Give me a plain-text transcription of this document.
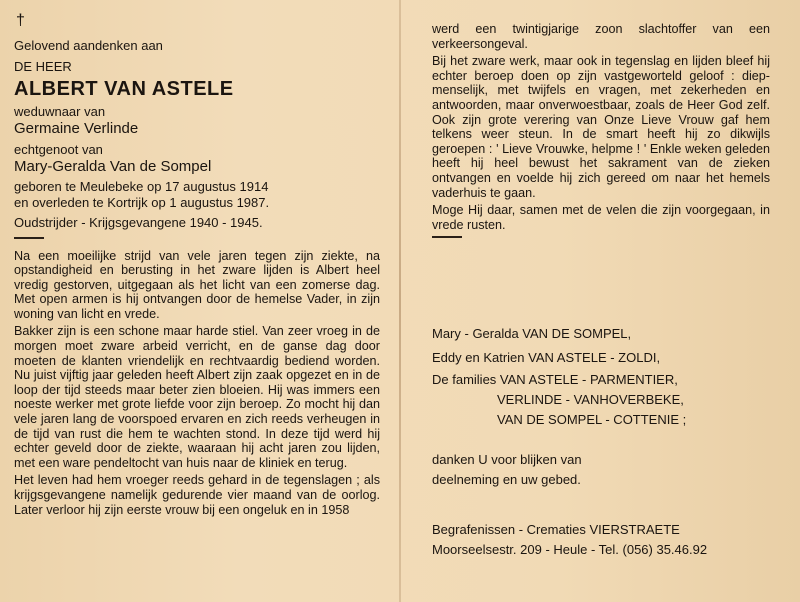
†
Gelovend aandenken aan
DE HEER
ALBERT VAN ASTELE
weduwnaar van
Germaine Verlinde
echtgenoot van
Mary-Geralda Van de Sompel
geboren te Meulebeke op 17 augustus 1914
en overleden te Kortrijk op 1 augustus 1987.
Oudstrijder - Krijgsgevangene 1940 - 1945.

Na een moeilijke strijd van vele jaren tegen zijn ziekte, na opstandigheid en berusting in het zware lijden is Albert heel vredig gestorven, uitgegaan als het licht van een zomerse dag. Met open armen is hij ontvangen door de hemelse Vader, in zijn woning van licht en vrede.

Bakker zijn is een schone maar harde stiel. Van zeer vroeg in de morgen moet zware arbeid verricht, en de ganse dag door moeten de klanten vriendelijk en rechtvaardig bediend worden. Nu juist vijftig jaar geleden heeft Albert zijn zaak opgezet en in de loop der tijd steeds maar beter zien bloeien. Hij was immers een noeste werker met grote liefde voor zijn beroep. Zo mocht hij dan vele jaren lang de voorspoed ervaren en zich reeds verheugen in de tijd van rust die hem te wachten stond. In deze tijd werd hij echter geveld door de ziekte, waaraan hij acht jaren zou lijden, met een ware pendeltocht van huis naar de kliniek en terug.

Het leven had hem vroeger reeds gehard in de tegenslagen ; als krijgsgevangene namelijk gedurende vier maand van de oorlog. Later verloor hij zijn eerste vrouw bij een ongeluk en in 1958

werd een twintigjarige zoon slachtoffer van een verkeersongeval.

Bij het zware werk, maar ook in tegenslag en lijden bleef hij echter beroep doen op zijn vastgeworteld geloof : diep-menselijk, met twijfels en vragen, met zekerheden en antwoorden, maar onverwoestbaar, zoals de Heer God zelf. Ook zijn grote verering van Onze Lieve Vrouw gaf hem telkens weer steun. In de smart heeft hij zo dikwijls geroepen : ' Lieve Vrouwke, helpme ! ' Enkle weken geleden heeft hij heel bewust het sakrament van de zieken ontvangen en voelde hij zich gereed om naar het hemels vaderhuis te gaan.

Moge Hij daar, samen met de velen die zijn voorgegaan, in vrede rusten.

Mary - Geralda VAN DE SOMPEL,
Eddy en Katrien VAN ASTELE - ZOLDI,
De families VAN ASTELE - PARMENTIER,
VERLINDE - VANHOVERBEKE,
VAN DE SOMPEL - COTTENIE ;
danken U voor blijken van
deelneming en uw gebed.
Begrafenissen - Crematies VIERSTRAETE
Moorseelsestr. 209 - Heule - Tel. (056) 35.46.92
